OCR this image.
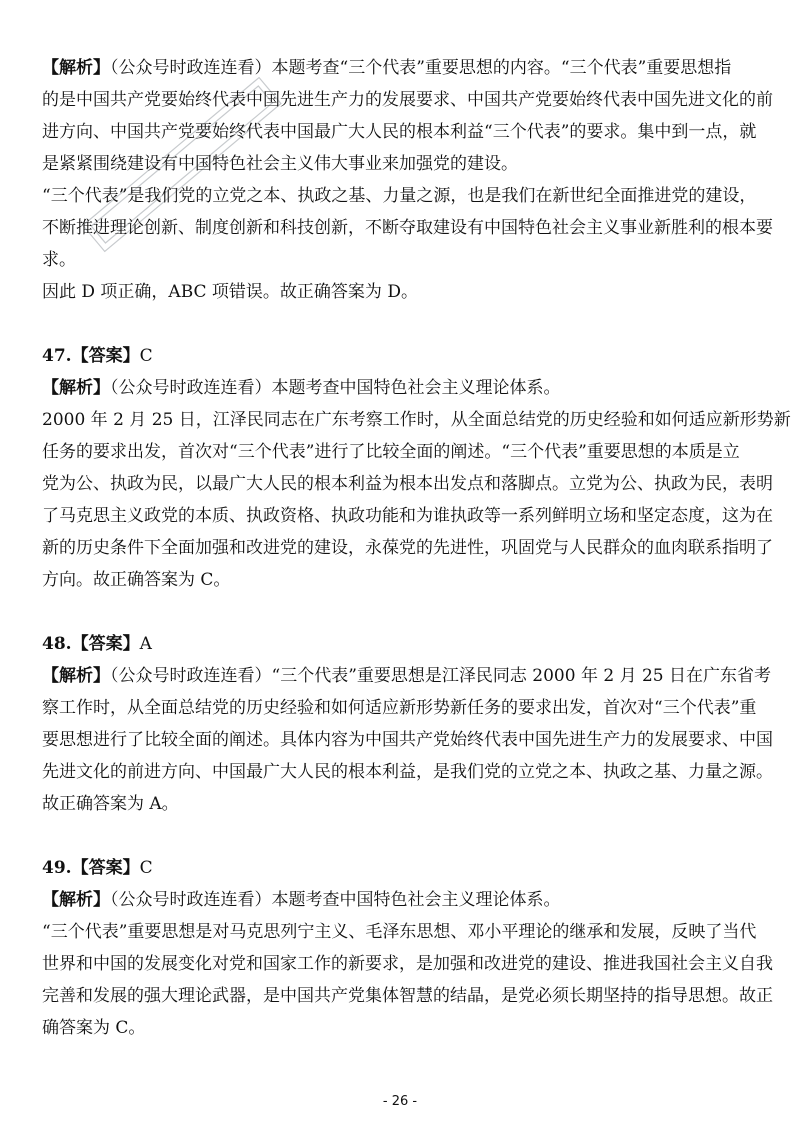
【解析】（公众号时政连连看）本题考查“三个代表”重要思想的内容。“三个代表”重要思想指
的是中国共产党要始终代表中国先进生产力的发展要求、中国共产党要始终代表中国先进文化的前
进方向、中国共产党要始终代表中国最广大人民的根本利益“三个代表”的要求。集中到一点，就
是紧紧围绕建设有中国特色社会主义伟大事业来加强党的建设。
“三个代表”是我们党的立党之本、执政之基、力量之源，也是我们在新世纪全面推进党的建设，
不断推进理论创新、制度创新和科技创新，不断夺取建设有中国特色社会主义事业新胜利的根本要
求。
因此 D 项正确，ABC 项错误。故正确答案为 D。
47.【答案】C
【解析】（公众号时政连连看）本题考查中国特色社会主义理论体系。
2000 年 2 月 25 日，江泽民同志在广东考察工作时，从全面总结党的历史经验和如何适应新形势新
任务的要求出发，首次对“三个代表”进行了比较全面的阐述。“三个代表”重要思想的本质是立
党为公、执政为民，以最广大人民的根本利益为根本出发点和落脚点。立党为公、执政为民，表明
了马克思主义政党的本质、执政资格、执政功能和为谁执政等一系列鲜明立场和坚定态度，这为在
新的历史条件下全面加强和改进党的建设，永葆党的先进性，巩固党与人民群众的血肉联系指明了
方向。故正确答案为 C。
48.【答案】A
【解析】（公众号时政连连看）“三个代表”重要思想是江泽民同志 2000 年 2 月 25 日在广东省考
察工作时，从全面总结党的历史经验和如何适应新形势新任务的要求出发，首次对“三个代表”重
要思想进行了比较全面的阐述。具体内容为中国共产党始终代表中国先进生产力的发展要求、中国
先进文化的前进方向、中国最广大人民的根本利益，是我们党的立党之本、执政之基、力量之源。
故正确答案为 A。
49.【答案】C
【解析】（公众号时政连连看）本题考查中国特色社会主义理论体系。
“三个代表”重要思想是对马克思列宁主义、毛泽东思想、邓小平理论的继承和发展，反映了当代
世界和中国的发展变化对党和国家工作的新要求，是加强和改进党的建设、推进我国社会主义自我
完善和发展的强大理论武器，是中国共产党集体智慧的结晶，是党必须长期坚持的指导思想。故正
确答案为 C。
- 26 -
